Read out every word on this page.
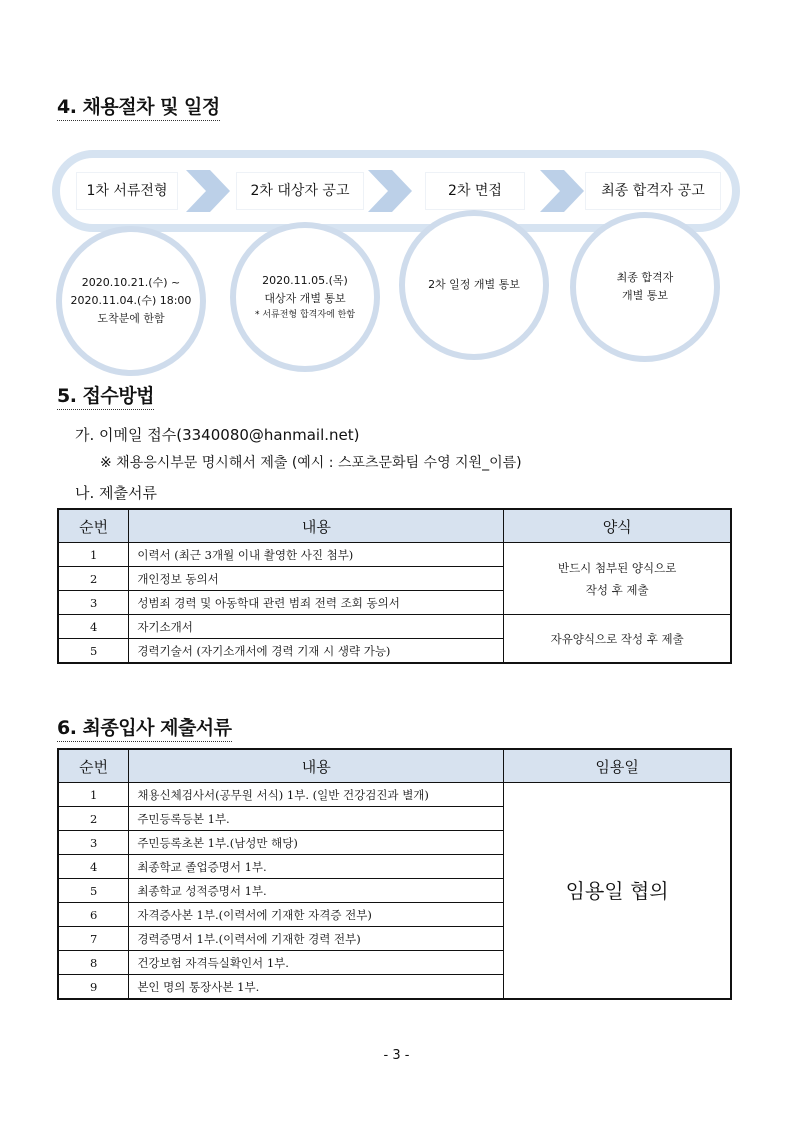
4. 채용절차 및 일정
1차 서류전형	2차 대상자 공고	2차 면접	최종 합격자 공고
2020.10.21.(수) ~
2020.11.04.(수) 18:00
도착분에 한함
2020.11.05.(목)
대상자 개별 통보
* 서류전형 합격자에 한함
2차 일정 개별 통보
최종 합격자
개별 통보
5. 접수방법
가. 이메일 접수(3340080@hanmail.net)
※ 채용응시부문 명시해서 제출 (예시 : 스포츠문화팀 수영 지원_이름)
나. 제출서류
순번	내용	양식
1	이력서 (최근 3개월 이내 촬영한 사진 첨부)	반드시 첨부된 양식으로
작성 후 제출

2	개인정보 동의서	
3	성범죄 경력 및 아동학대 관련 범죄 전력 조회 동의서	
4	자기소개서	자유양식으로 작성 후 제출
5	경력기술서 (자기소개서에 경력 기재 시 생략 가능)	
6. 최종입사 제출서류
순번	내용	임용일
1	채용신체검사서(공무원 서식) 1부. (일반 건강검진과 별개)	임용일 협의
2	주민등록등본 1부.	
3	주민등록초본 1부.(남성만 해당)	
4	최종학교 졸업증명서 1부.	
5	최종학교 성적증명서 1부.	
6	자격증사본 1부.(이력서에 기재한 자격증 전부)	
7	경력증명서 1부.(이력서에 기재한 경력 전부)	
8	건강보험 자격득실확인서 1부.	
9	본인 명의 통장사본 1부.	
- 3 -
